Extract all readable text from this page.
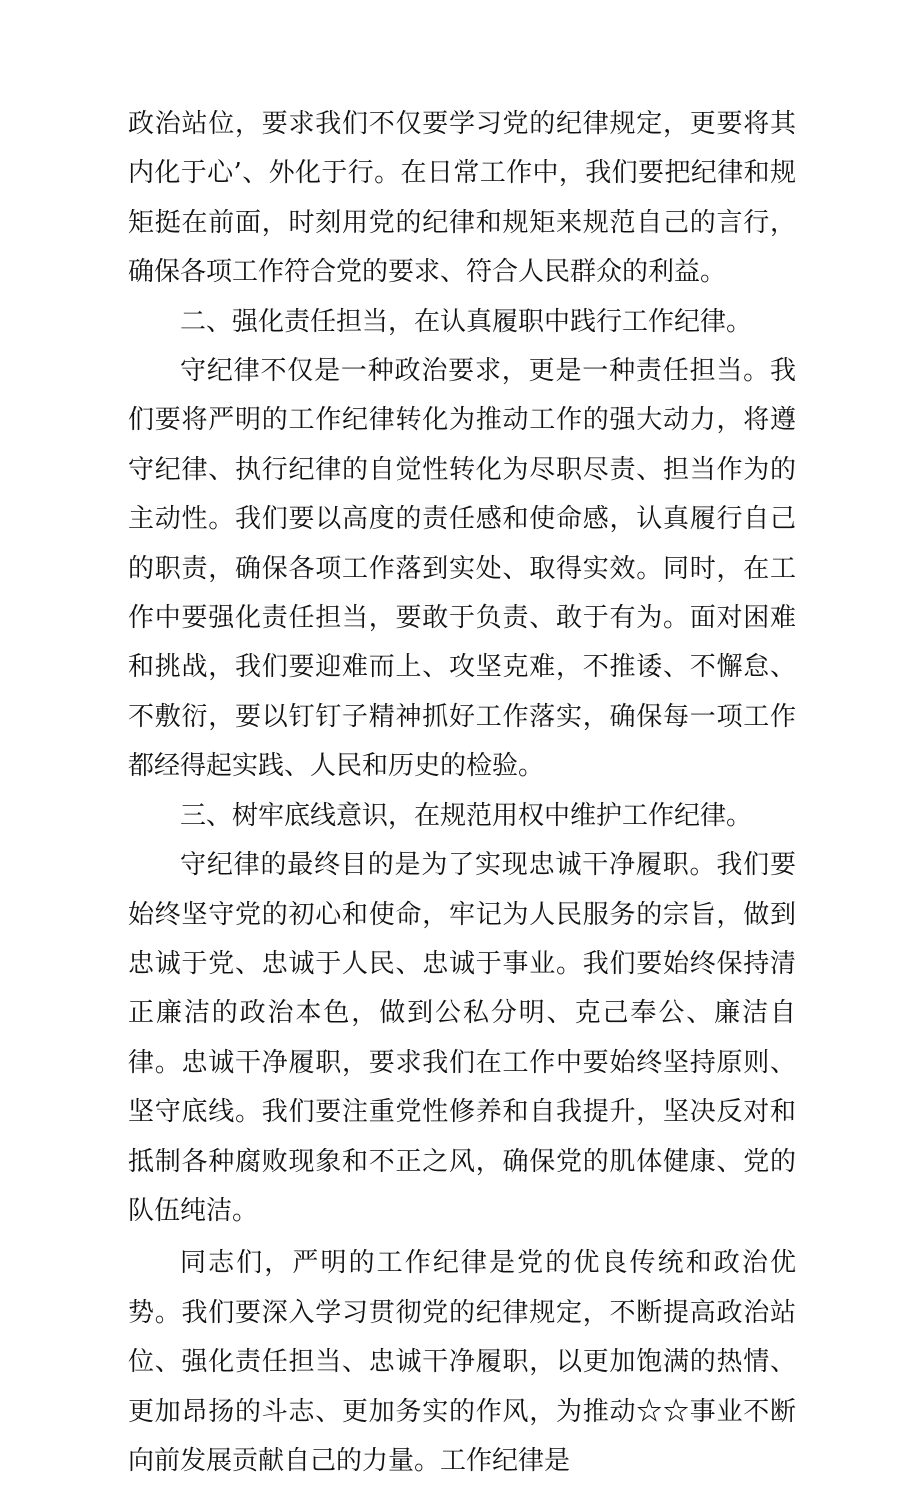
政治站位，要求我们不仅要学习党的纪律规定，更要将其内化于心’、外化于行。在日常工作中，我们要把纪律和规矩挺在前面，时刻用党的纪律和规矩来规范自己的言行，确保各项工作符合党的要求、符合人民群众的利益。

二、强化责任担当，在认真履职中践行工作纪律。

守纪律不仅是一种政治要求，更是一种责任担当。我们要将严明的工作纪律转化为推动工作的强大动力，将遵守纪律、执行纪律的自觉性转化为尽职尽责、担当作为的主动性。我们要以高度的责任感和使命感，认真履行自己的职责，确保各项工作落到实处、取得实效。同时，在工作中要强化责任担当，要敢于负责、敢于有为。面对困难和挑战，我们要迎难而上、攻坚克难，不推诿、不懈怠、不敷衍，要以钉钉子精神抓好工作落实，确保每一项工作都经得起实践、人民和历史的检验。

三、树牢底线意识，在规范用权中维护工作纪律。

守纪律的最终目的是为了实现忠诚干净履职。我们要始终坚守党的初心和使命，牢记为人民服务的宗旨，做到忠诚于党、忠诚于人民、忠诚于事业。我们要始终保持清正廉洁的政治本色，做到公私分明、克己奉公、廉洁自律。忠诚干净履职，要求我们在工作中要始终坚持原则、坚守底线。我们要注重党性修养和自我提升，坚决反对和抵制各种腐败现象和不正之风，确保党的肌体健康、党的队伍纯洁。

同志们，严明的工作纪律是党的优良传统和政治优势。我们要深入学习贯彻党的纪律规定，不断提高政治站位、强化责任担当、忠诚干净履职，以更加饱满的热情、更加昂扬的斗志、更加务实的作风，为推动☆☆事业不断向前发展贡献自己的力量。工作纪律是
